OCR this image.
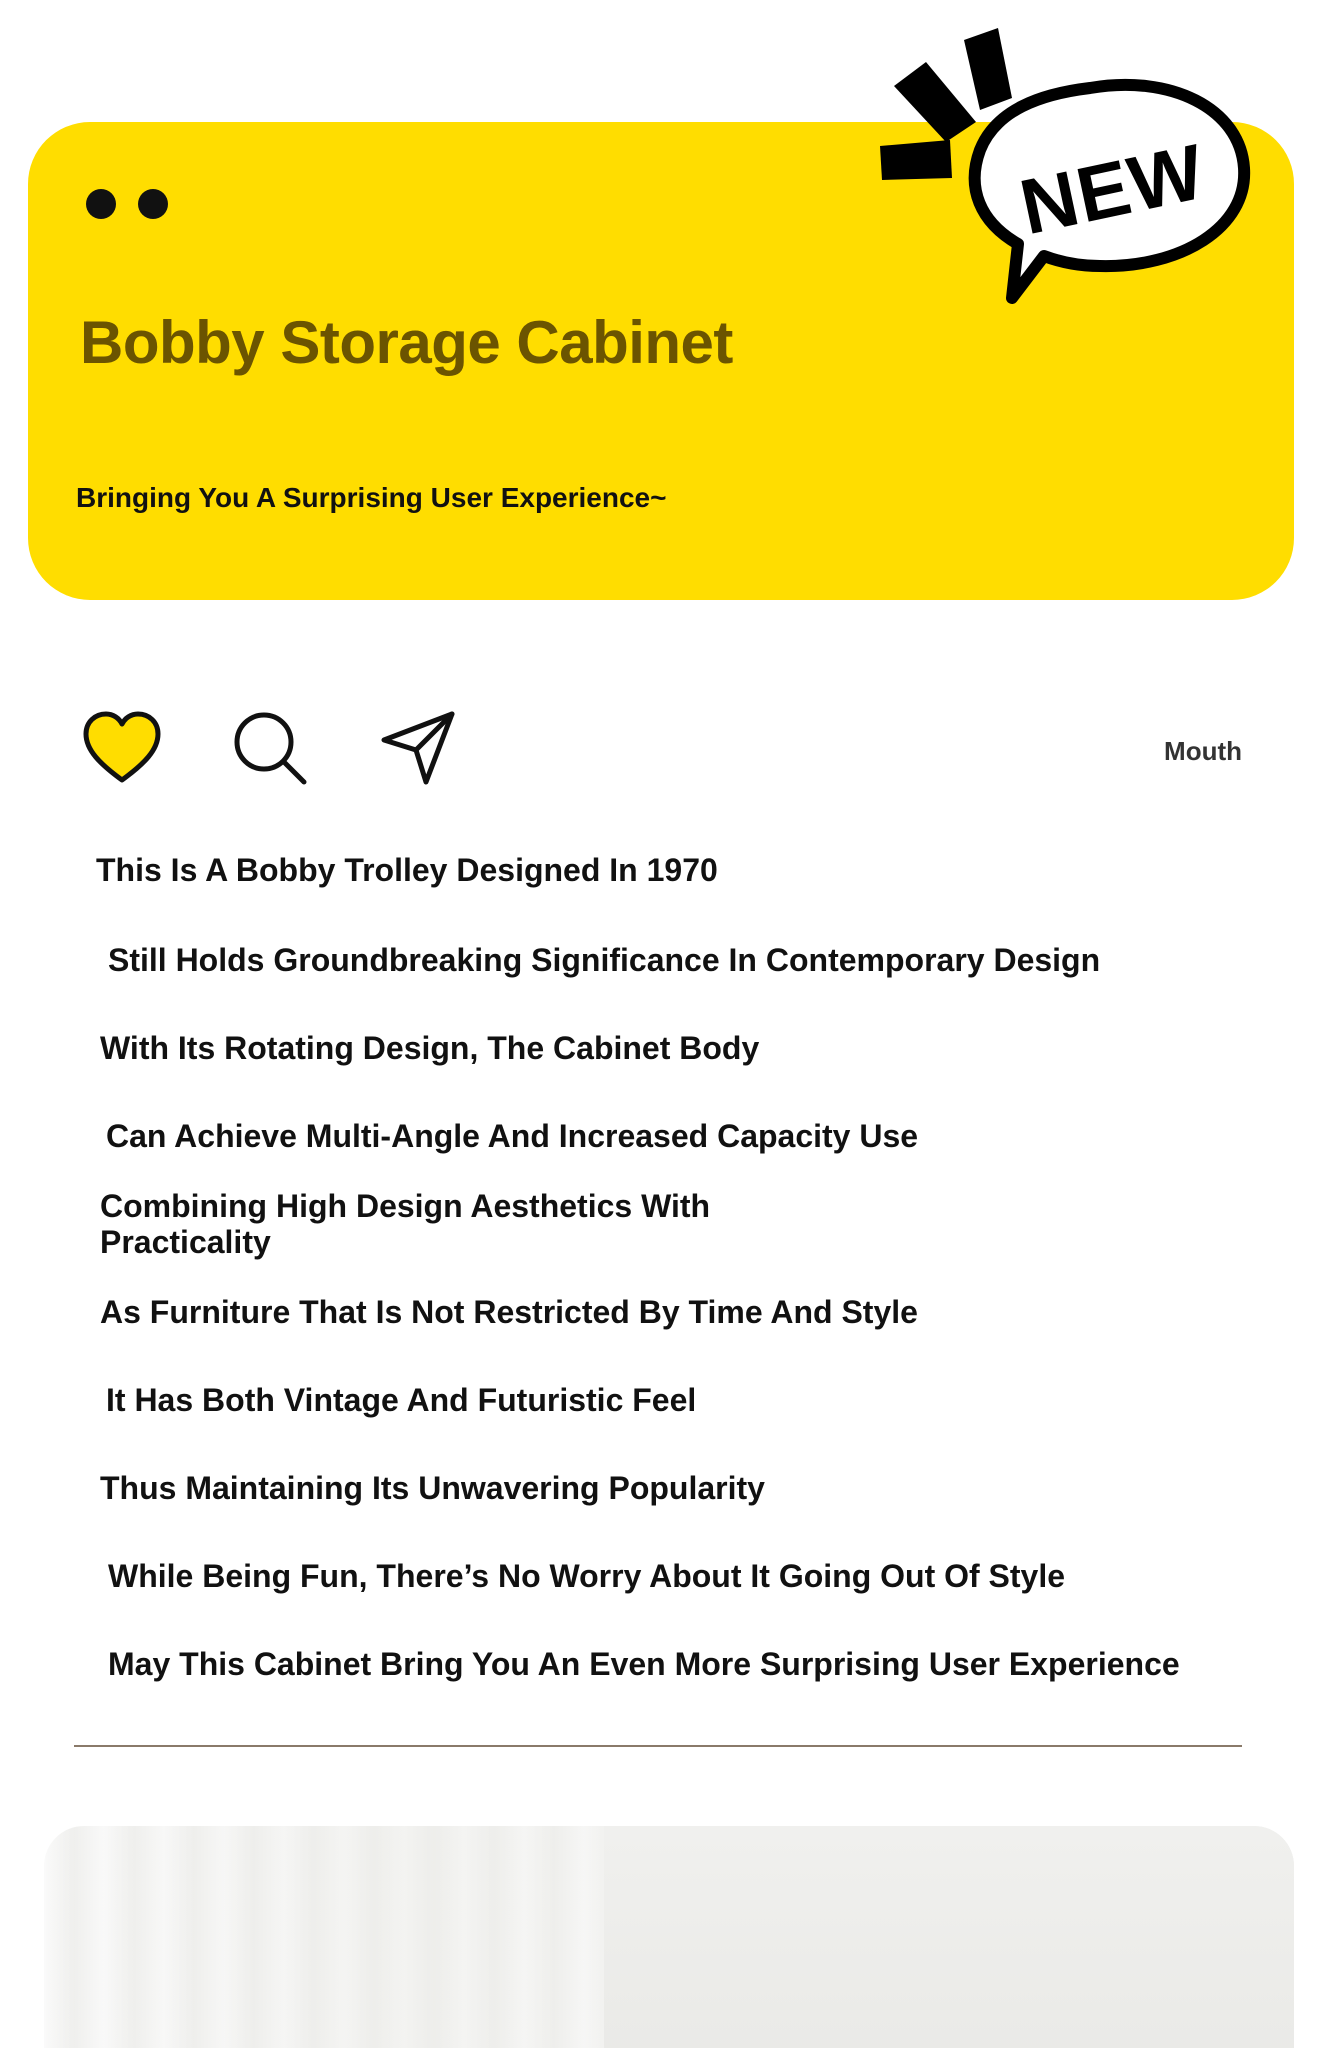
Bobby Storage Cabinet
Bringing You A Surprising User Experience~
NEW
Mouth
This Is A Bobby Trolley Designed In 1970
Still Holds Groundbreaking Significance In Contemporary Design
With Its Rotating Design, The Cabinet Body
Can Achieve Multi-Angle And Increased Capacity Use
Combining High Design Aesthetics With Practicality
As Furniture That Is Not Restricted By Time And Style
It Has Both Vintage And Futuristic Feel
Thus Maintaining Its Unwavering Popularity
While Being Fun, There’s No Worry About It Going Out Of Style
May This Cabinet Bring You An Even More Surprising User Experience
